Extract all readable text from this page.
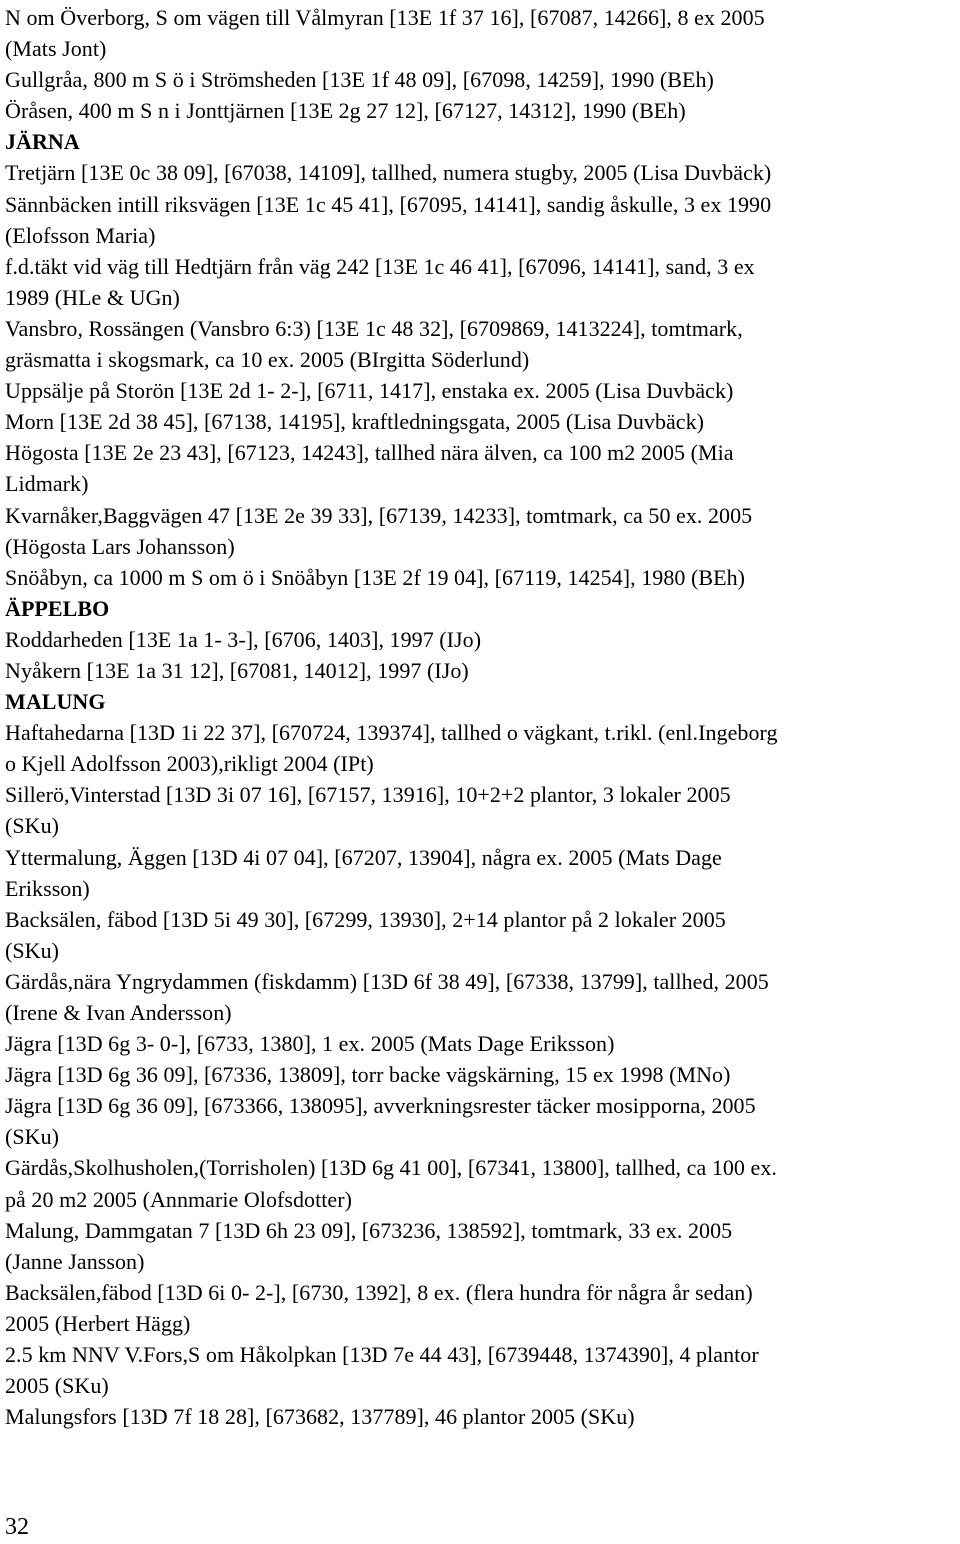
N om Överborg, S om vägen till Vålmyran [13E 1f 37 16], [67087, 14266], 8 ex 2005
(Mats Jont)
Gullgråa, 800 m S ö i Strömsheden [13E 1f 48 09], [67098, 14259], 1990 (BEh)
Öråsen, 400 m S n i Jonttjärnen [13E 2g 27 12], [67127, 14312], 1990 (BEh)
JÄRNA
Tretjärn [13E 0c 38 09], [67038, 14109], tallhed, numera stugby, 2005 (Lisa Duvbäck)
Sännbäcken intill riksvägen [13E 1c 45 41], [67095, 14141], sandig åskulle, 3 ex 1990
(Elofsson Maria)
f.d.täkt vid väg till Hedtjärn från väg 242 [13E 1c 46 41], [67096, 14141], sand, 3 ex
1989 (HLe & UGn)
Vansbro, Rossängen (Vansbro 6:3) [13E 1c 48 32], [6709869, 1413224], tomtmark,
gräsmatta i skogsmark, ca 10 ex. 2005 (BIrgitta Söderlund)
Uppsälje på Storön [13E 2d 1- 2-], [6711, 1417], enstaka ex. 2005 (Lisa Duvbäck)
Morn [13E 2d 38 45], [67138, 14195], kraftledningsgata, 2005 (Lisa Duvbäck)
Högosta [13E 2e 23 43], [67123, 14243], tallhed nära älven, ca 100 m2 2005 (Mia
Lidmark)
Kvarnåker,Baggvägen 47 [13E 2e 39 33], [67139, 14233], tomtmark, ca 50 ex. 2005
(Högosta Lars Johansson)
Snöåbyn, ca 1000 m S om ö i Snöåbyn [13E 2f 19 04], [67119, 14254], 1980 (BEh)
ÄPPELBO
Roddarheden [13E 1a 1- 3-], [6706, 1403], 1997 (IJo)
Nyåkern [13E 1a 31 12], [67081, 14012], 1997 (IJo)
MALUNG
Haftahedarna [13D 1i 22 37], [670724, 139374], tallhed o vägkant, t.rikl. (enl.Ingeborg
o Kjell Adolfsson 2003),rikligt 2004 (IPt)
Sillerö,Vinterstad [13D 3i 07 16], [67157, 13916], 10+2+2 plantor, 3 lokaler 2005
(SKu)
Yttermalung, Äggen [13D 4i 07 04], [67207, 13904], några ex. 2005 (Mats Dage
Eriksson)
Backsälen, fäbod [13D 5i 49 30], [67299, 13930], 2+14 plantor på 2 lokaler 2005
(SKu)
Gärdås,nära Yngrydammen (fiskdamm) [13D 6f 38 49], [67338, 13799], tallhed, 2005
(Irene & Ivan Andersson)
Jägra [13D 6g 3- 0-], [6733, 1380], 1 ex. 2005 (Mats Dage Eriksson)
Jägra [13D 6g 36 09], [67336, 13809], torr backe vägskärning, 15 ex 1998 (MNo)
Jägra [13D 6g 36 09], [673366, 138095], avverkningsrester täcker mosipporna, 2005
(SKu)
Gärdås,Skolhusholen,(Torrisholen) [13D 6g 41 00], [67341, 13800], tallhed, ca 100 ex.
på 20 m2 2005 (Annmarie Olofsdotter)
Malung, Dammgatan 7 [13D 6h 23 09], [673236, 138592], tomtmark, 33 ex. 2005
(Janne Jansson)
Backsälen,fäbod [13D 6i 0- 2-], [6730, 1392], 8 ex. (flera hundra för några år sedan)
2005 (Herbert Hägg)
2.5 km NNV V.Fors,S om Håkolpkan [13D 7e 44 43], [6739448, 1374390], 4 plantor
2005 (SKu)
Malungsfors [13D 7f 18 28], [673682, 137789], 46 plantor 2005 (SKu)
32
